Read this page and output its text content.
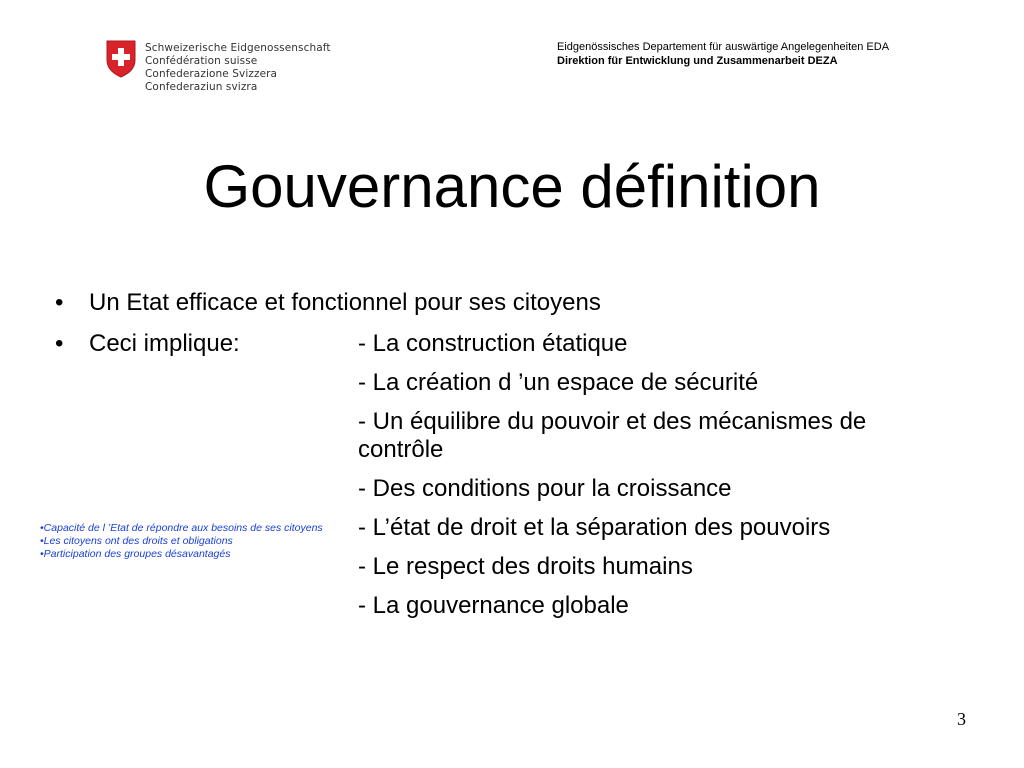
Schweizerische Eidgenossenschaft
Confédération suisse
Confederazione Svizzera
Confederaziun svizra
Eidgenössisches Departement für auswärtige Angelegenheiten EDA
Direktion für Entwicklung und Zusammenarbeit DEZA
Gouvernance définition
• Un Etat efficace et fonctionnel pour ses citoyens
• Ceci implique:	- La construction étatique
- La création d ’un espace de sécurité
- Un équilibre du pouvoir et des mécanismes de contrôle
- Des conditions pour la croissance
- L’état de droit et la séparation des pouvoirs
- Le respect des droits humains
- La gouvernance globale
•Capacité de l ’Etat de répondre aux besoins de ses citoyens
•Les citoyens ont des droits et obligations
•Participation des groupes désavantagés
3
